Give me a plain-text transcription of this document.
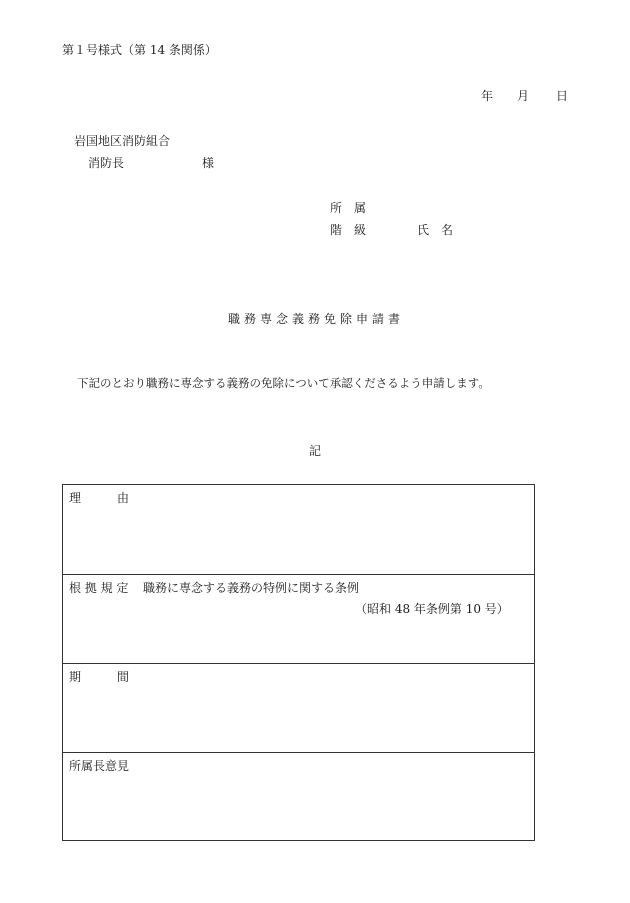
第１号様式（第 14 条関係）
年 月 日
岩国地区消防組合
消防長	様
所　属
階　級	氏　名
職務専念義務免除申請書
下記のとおり職務に専念する義務の免除について承認くださるよう申請します。
記
理　　　由
根 拠 規 定 職務に専念する義務の特例に関する条例
（昭和 48 年条例第 10 号）
期　　　間
所属長意見
